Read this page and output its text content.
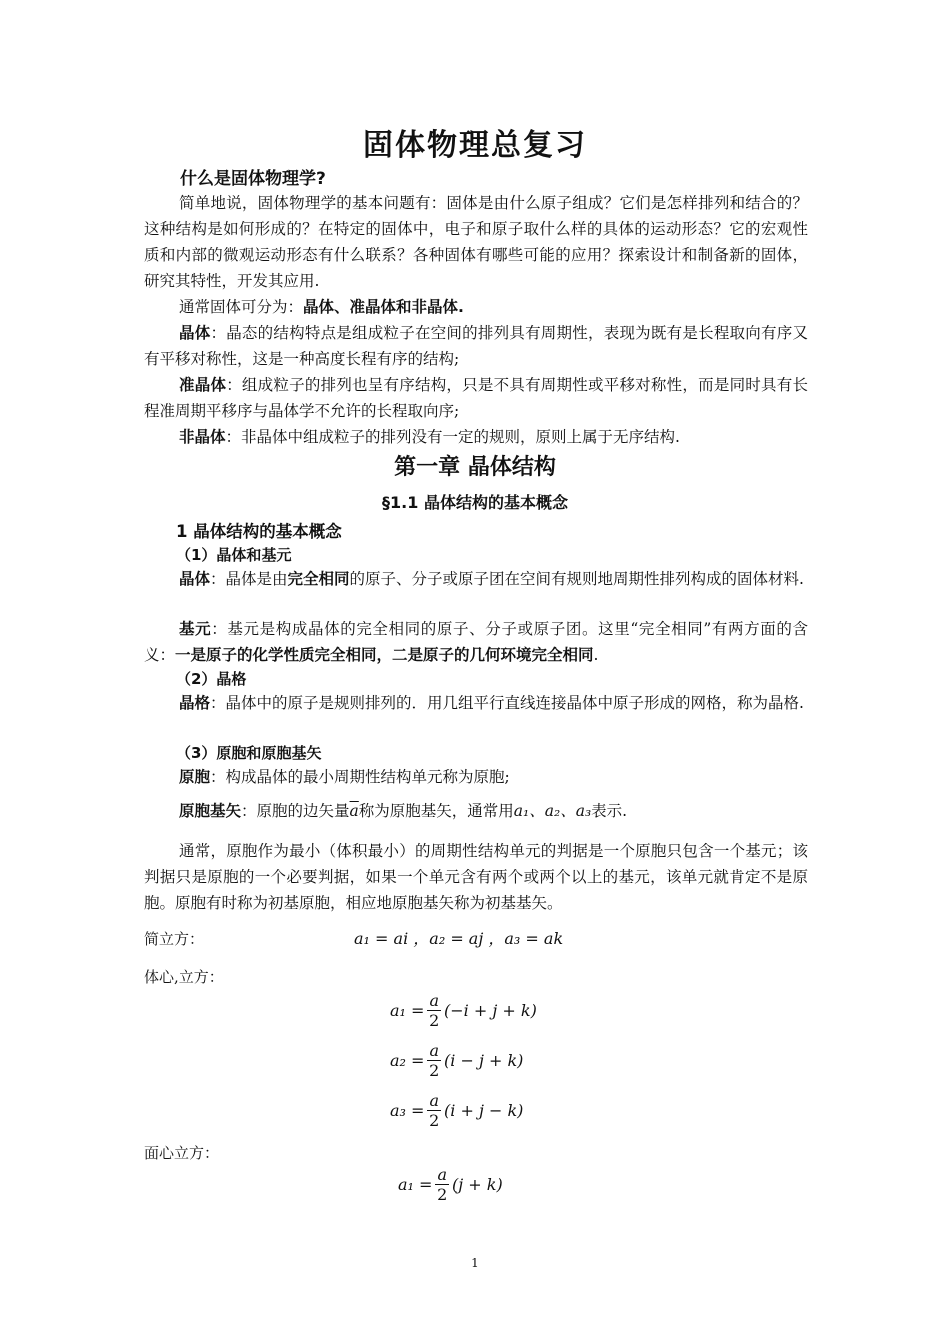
固体物理总复习
什么是固体物理学?
简单地说，固体物理学的基本问题有：固体是由什么原子组成？它们是怎样排列和结合的？这种结构是如何形成的？在特定的固体中，电子和原子取什么样的具体的运动形态？它的宏观性质和内部的微观运动形态有什么联系？各种固体有哪些可能的应用？探索设计和制备新的固体，研究其特性，开发其应用.
通常固体可分为：晶体、准晶体和非晶体.
晶体：晶态的结构特点是组成粒子在空间的排列具有周期性，表现为既有是长程取向有序又有平移对称性，这是一种高度长程有序的结构;
准晶体：组成粒子的排列也呈有序结构，只是不具有周期性或平移对称性，而是同时具有长程准周期平移序与晶体学不允许的长程取向序;
非晶体：非晶体中组成粒子的排列没有一定的规则，原则上属于无序结构.
第一章 晶体结构
§1.1 晶体结构的基本概念
1 晶体结构的基本概念
（1）晶体和基元
晶体：晶体是由完全相同的原子、分子或原子团在空间有规则地周期性排列构成的固体材料.
基元：基元是构成晶体的完全相同的原子、分子或原子团。这里“完全相同”有两方面的含义：一是原子的化学性质完全相同，二是原子的几何环境完全相同.
（2）晶格
晶格：晶体中的原子是规则排列的．用几组平行直线连接晶体中原子形成的网格，称为晶格.
（3）原胞和原胞基矢
原胞：构成晶体的最小周期性结构单元称为原胞;
原胞基矢：原胞的边矢量$\overline{a}$称为原胞基矢，通常用a₁、a₂、a₃表示.
通常，原胞作为最小（体积最小）的周期性结构单元的判据是一个原胞只包含一个基元；该判据只是原胞的一个必要判据，如果一个单元含有两个或两个以上的基元，该单元就肯定不是原胞。原胞有时称为初基原胞，相应地原胞基矢称为初基基矢。
简立方：	a₁ = ai ，a₂ = aj ，a₃ = ak
体心,立方：
$a_1 = \frac{a}{2} (-i + j + k)$
$a_2 = \frac{a}{2} (i - j + k)$
$a_3 = \frac{a}{2} (i + j - k)$
面心立方：
$a_1 = \frac{a}{2} (j + k)$
1
